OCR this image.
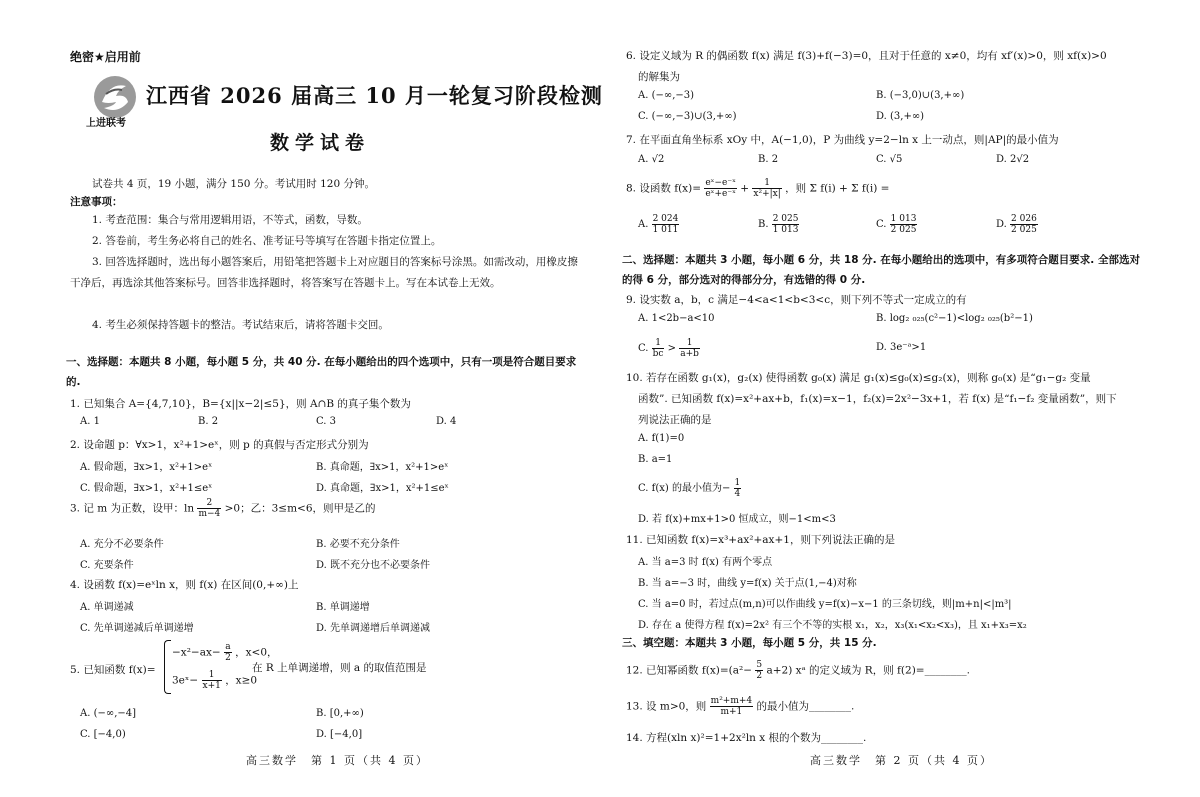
绝密★启用前
上进联考
江西省 2026 届高三 10 月一轮复习阶段检测
数学试卷
试卷共 4 页，19 小题，满分 150 分。考试用时 120 分钟。
注意事项：
1. 考查范围：集合与常用逻辑用语，不等式，函数，导数。
2. 答卷前，考生务必将自己的姓名、准考证号等填写在答题卡指定位置上。
3. 回答选择题时，选出每小题答案后，用铅笔把答题卡上对应题目的答案标号涂黑。如需改动，用橡皮擦干净后，再选涂其他答案标号。回答非选择题时，将答案写在答题卡上。写在本试卷上无效。
4. 考生必须保持答题卡的整洁。考试结束后，请将答题卡交回。
一、选择题：本题共 8 小题，每小题 5 分，共 40 分. 在每小题给出的四个选项中，只有一项是符合题目要求的.
1. 已知集合 A={4,7,10}，B={x||x−2|≤5}，则 A∩B 的真子集个数为
A. 1	B. 2	C. 3	D. 4
2. 设命题 p：∀x>1，x²+1>eˣ，则 p 的真假与否定形式分别为
A. 假命题，∃x>1，x²+1>eˣ	B. 真命题，∃x>1，x²+1>eˣ
C. 假命题，∃x>1，x²+1≤eˣ	D. 真命题，∃x>1，x²+1≤eˣ
3. 记 m 为正数，设甲：$\ln \frac{2}{m-4} >0$；乙：3≤m<6，则甲是乙的
A. 充分不必要条件	B. 必要不充分条件
C. 充要条件	D. 既不充分也不必要条件
4. 设函数 f(x)=eˣln x，则 f(x) 在区间(0,+∞)上
A. 单调递减	B. 单调递增
C. 先单调递减后单调递增	D. 先单调递增后单调递减
5. 已知函数 f(x)=
$-x^2-ax- \frac{a}{2}$ ，x<0，
3eˣ− $\frac{1}{x+1}$ ，x≥0
在 R 上单调递增，则 a 的取值范围是
A. (−∞,−4]	B. [0,+∞)
C. [−4,0)	D. [−4,0]
高三数学　第 1 页（共 4 页）
6. 设定义域为 R 的偶函数 f(x) 满足 f(3)+f(−3)=0，且对于任意的 x≠0，均有 xf′(x)>0，则 xf(x)>0
的解集为
A. (−∞,−3)	B. (−3,0)∪(3,+∞)
C. (−∞,−3)∪(3,+∞)	D. (3,+∞)
7. 在平面直角坐标系 xOy 中，A(−1,0)，P 为曲线 y=2−ln x 上一动点，则|AP|的最小值为
A. √2	B. 2	C. √5	D. 2√2
8. 设函数 $f(x)= \frac{\text{eˣ−e⁻ˣ}}{\text{eˣ+e⁻ˣ}} + \frac{1}{\text{x²+|x|}}$ ，则 Σ f(i) + Σ f(i) =
A. $\frac{2 024}{1 011}$	B. $\frac{2 025}{1 013}$	C. $\frac{1 013}{2 025}$	D. $\frac{2 026}{2 025}$
二、选择题：本题共 3 小题，每小题 6 分，共 18 分. 在每小题给出的选项中，有多项符合题目要求. 全部选对的得 6 分，部分选对的得部分分，有选错的得 0 分.
9. 设实数 a，b，c 满足−4<a<1<b<3<c，则下列不等式一定成立的有
A. 1<2b−a<10	B. log₂ ₀₂₅(c²−1)<log₂ ₀₂₅(b²−1)
C. $\frac{1}{bc} > \frac{1}{a+b}$	D. 3e⁻ᵃ>1
10. 若存在函数 g₁(x)，g₂(x) 使得函数 g₀(x) 满足 g₁(x)≤g₀(x)≤g₂(x)，则称 g₀(x) 是“g₁−g₂ 变量
函数”. 已知函数 f(x)=x²+ax+b，f₁(x)=x−1，f₂(x)=2x²−3x+1，若 f(x) 是“f₁−f₂ 变量函数”，则下
列说法正确的是
A. f(1)=0
B. a=1
C. f(x) 的最小值为− $\frac{1}{4}$
D. 若 f(x)+mx+1>0 恒成立，则−1<m<3
11. 已知函数 f(x)=x³+ax²+ax+1，则下列说法正确的是
A. 当 a=3 时 f(x) 有两个零点
B. 当 a=−3 时，曲线 y=f(x) 关于点(1,−4)对称
C. 当 a=0 时，若过点(m,n)可以作曲线 y=f(x)−x−1 的三条切线，则|m+n|<|m³|
D. 存在 a 使得方程 f(x)=2x² 有三个不等的实根 x₁，x₂，x₃(x₁<x₂<x₃)，且 x₁+x₃=x₂
三、填空题：本题共 3 小题，每小题 5 分，共 15 分.
12. 已知幂函数 $f(x)=(a^2- \frac{5}{2} a+2)$ xᵃ 的定义域为 R，则 f(2)=________.
13. 设 m>0，则 $\frac{\text{m²+m+4}}{m+1}$ 的最小值为________.
14. 方程(xln x)²=1+2x²ln x 根的个数为________.
高三数学　第 2 页（共 4 页）
